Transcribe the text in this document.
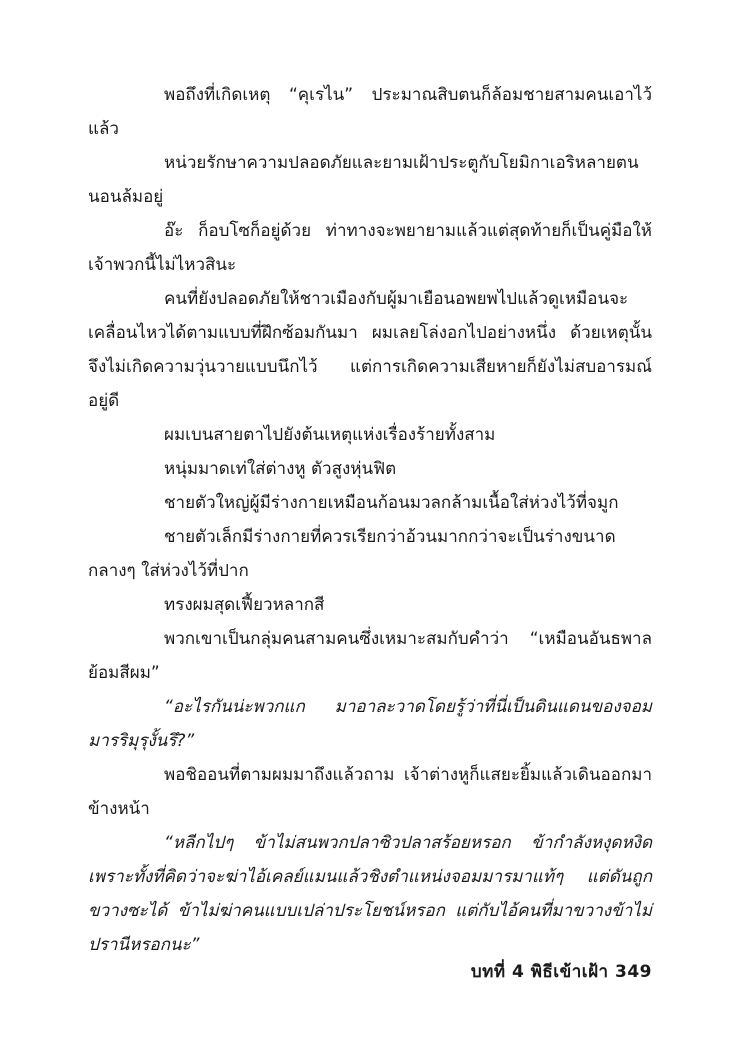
พอถึงที่เกิดเหตุ “คุเรไน” ประมาณสิบตนก็ล้อมชายสามคนเอาไว้แล้ว

หน่วยรักษาความปลอดภัยและยามเฝ้าประตูกับโยมิกาเอริหลายตนนอนล้มอยู่

อ๊ะ ก็อบโซก็อยู่ด้วย ท่าทางจะพยายามแล้วแต่สุดท้ายก็เป็นคู่มือให้เจ้าพวกนี้ไม่ไหวสินะ

คนที่ยังปลอดภัยให้ชาวเมืองกับผู้มาเยือนอพยพไปแล้วดูเหมือนจะเคลื่อนไหวได้ตามแบบที่ฝึกซ้อมกันมา ผมเลยโล่งอกไปอย่างหนึ่ง ด้วยเหตุนั้นจึงไม่เกิดความวุ่นวายแบบนึกไว้ แต่การเกิดความเสียหายก็ยังไม่สบอารมณ์อยู่ดี

ผมเบนสายตาไปยังต้นเหตุแห่งเรื่องร้ายทั้งสาม

หนุ่มมาดเท่ใส่ต่างหู ตัวสูงหุ่นฟิต

ชายตัวใหญ่ผู้มีร่างกายเหมือนก้อนมวลกล้ามเนื้อใส่ห่วงไว้ที่จมูก

ชายตัวเล็กมีร่างกายที่ควรเรียกว่าอ้วนมากกว่าจะเป็นร่างขนาดกลางๆ ใส่ห่วงไว้ที่ปาก

ทรงผมสุดเฟี้ยวหลากสี

พวกเขาเป็นกลุ่มคนสามคนซึ่งเหมาะสมกับคำว่า “เหมือนอันธพาลย้อมสีผม”

“อะไรกันน่ะพวกแก มาอาละวาดโดยรู้ว่าที่นี่เป็นดินแดนของจอมมารริมุรุงั้นรึ?”

พอชิออนที่ตามผมมาถึงแล้วถาม เจ้าต่างหูก็แสยะยิ้มแล้วเดินออกมาข้างหน้า

“หลีกไปๆ ข้าไม่สนพวกปลาซิวปลาสร้อยหรอก ข้ากำลังหงุดหงิดเพราะทั้งที่คิดว่าจะฆ่าไอ้เคลย์แมนแล้วชิงตำแหน่งจอมมารมาแท้ๆ แต่ดันถูกขวางซะได้ ข้าไม่ฆ่าคนแบบเปล่าประโยชน์หรอก แต่กับไอ้คนที่มาขวางข้าไม่ปรานีหรอกนะ”

บทที่ 4 พิธีเข้าเฝ้า 349
